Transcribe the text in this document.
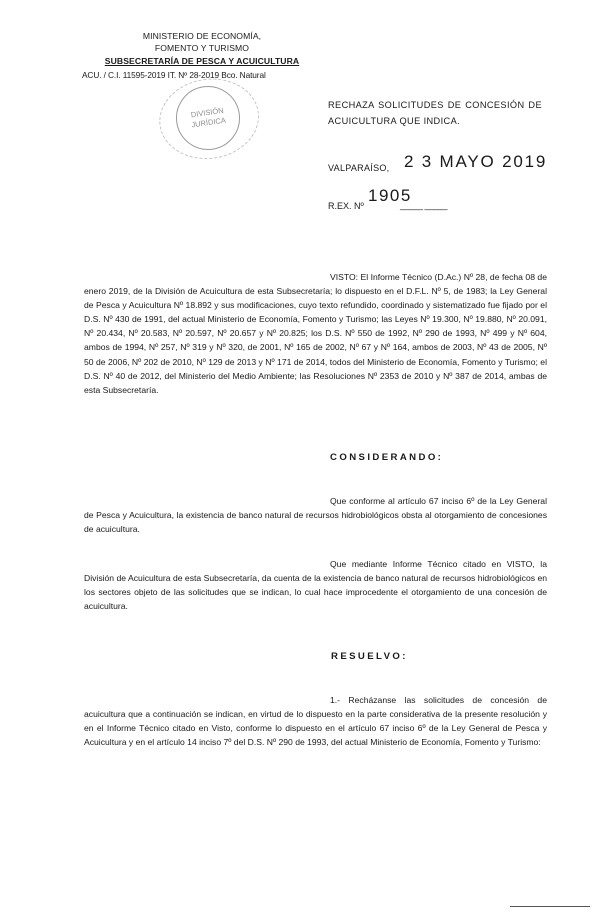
MINISTERIO DE ECONOMÍA,
FOMENTO Y TURISMO
SUBSECRETARÍA DE PESCA Y ACUICULTURA
ACU. / C.I. 11595-2019 IT. Nº 28-2019 Bco. Natural
DIVISIÓN
JURÍDICA
RECHAZA SOLICITUDES DE CONCESIÓN DE ACUICULTURA QUE INDICA.
VALPARAÍSO, 2 3 MAYO 2019
R.EX. Nº
1905
_____ _____
VISTO: El Informe Técnico (D.Ac.) Nº 28, de fecha 08 de enero 2019, de la División de Acuicultura de esta Subsecretaría; lo dispuesto en el D.F.L. Nº 5, de 1983; la Ley General de Pesca y Acuicultura Nº 18.892 y sus modificaciones, cuyo texto refundido, coordinado y sistematizado fue fijado por el D.S. Nº 430 de 1991, del actual Ministerio de Economía, Fomento y Turismo; las Leyes Nº 19.300, Nº 19.880, Nº 20.091, Nº 20.434, Nº 20.583, Nº 20.597, Nº 20.657 y Nº 20.825; los D.S. Nº 550 de 1992, Nº 290 de 1993, Nº 499 y Nº 604, ambos de 1994, Nº 257, Nº 319 y Nº 320, de 2001, Nº 165 de 2002, Nº 67 y Nº 164, ambos de 2003, Nº 43 de 2005, Nº 50 de 2006, Nº 202 de 2010, Nº 129 de 2013 y Nº 171 de 2014, todos del Ministerio de Economía, Fomento y Turismo; el D.S. Nº 40 de 2012, del Ministerio del Medio Ambiente; las Resoluciones Nº 2353 de 2010 y Nº 387 de 2014, ambas de esta Subsecretaría.
CONSIDERANDO:
Que conforme al artículo 67 inciso 6º de la Ley General de Pesca y Acuicultura, la existencia de banco natural de recursos hidrobiológicos obsta al otorgamiento de concesiones de acuicultura.
Que mediante Informe Técnico citado en VISTO, la División de Acuicultura de esta Subsecretaría, da cuenta de la existencia de banco natural de recursos hidrobiológicos en los sectores objeto de las solicitudes que se indican, lo cual hace improcedente el otorgamiento de una concesión de acuicultura.
RESUELVO:
1.- Recházanse las solicitudes de concesión de acuicultura que a continuación se indican, en virtud de lo dispuesto en la parte considerativa de la presente resolución y en el Informe Técnico citado en Visto, conforme lo dispuesto en el artículo 67 inciso 6º de la Ley General de Pesca y Acuicultura y en el artículo 14 inciso 7º del D.S. Nº 290 de 1993, del actual Ministerio de Economía, Fomento y Turismo:
